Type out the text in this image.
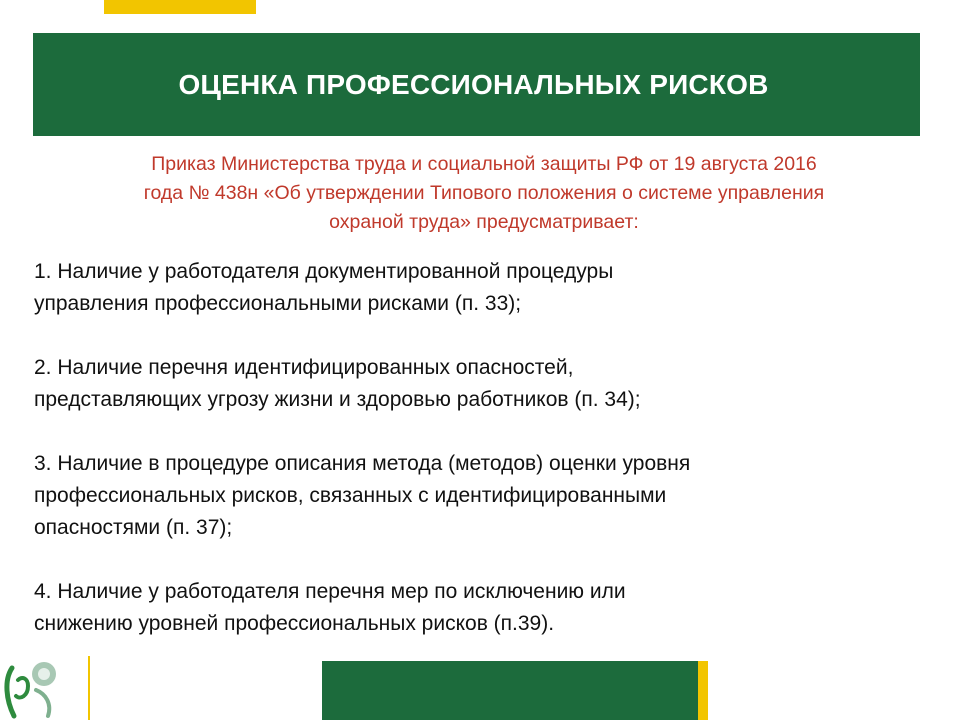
ОЦЕНКА ПРОФЕССИОНАЛЬНЫХ РИСКОВ
Приказ Министерства труда и социальной защиты РФ от 19 августа 2016
года № 438н «Об утверждении Типового положения о системе управления
охраной труда» предусматривает:
1. Наличие у работодателя документированной процедуры
управления профессиональными рисками (п. 33);
2. Наличие перечня идентифицированных опасностей,
представляющих угрозу жизни и здоровью работников (п. 34);
3. Наличие в процедуре описания метода (методов) оценки уровня
профессиональных рисков, связанных с идентифицированными
опасностями (п. 37);
4. Наличие у работодателя перечня мер по исключению или
снижению уровней профессиональных рисков (п.39).
